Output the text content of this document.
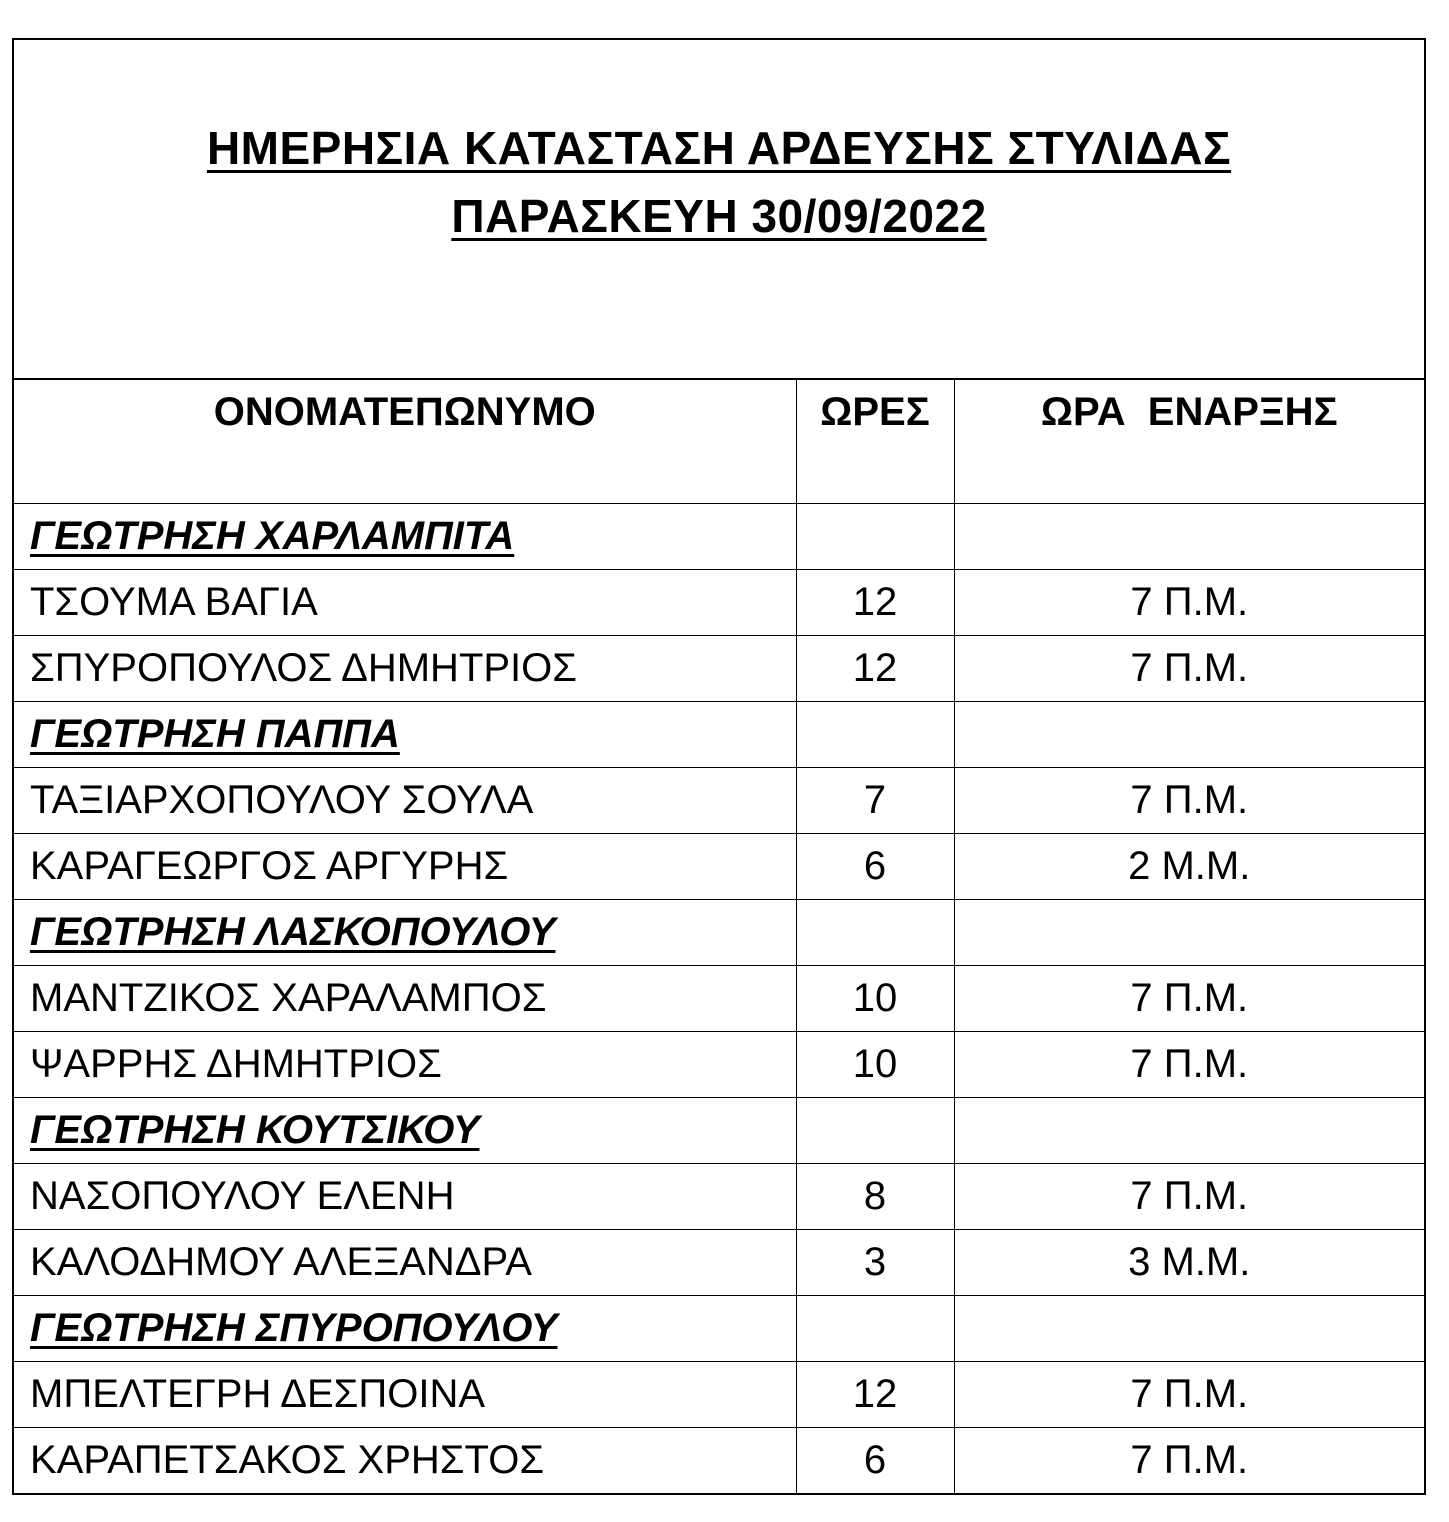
ΗΜΕΡΗΣΙΑ ΚΑΤΑΣΤΑΣΗ ΑΡΔΕΥΣΗΣ ΣΤΥΛΙΔΑΣ
ΠΑΡΑΣΚΕΥΗ 30/09/2022
ΟΝΟΜΑΤΕΠΩΝΥΜΟ	ΩΡΕΣ	ΩΡΑ  ΕΝΑΡΞΗΣ
ΓΕΩΤΡΗΣΗ ΧΑΡΛΑΜΠΙΤΑ		
ΤΣΟΥΜΑ ΒΑΓΙΑ	12	7 Π.Μ.
ΣΠΥΡΟΠΟΥΛΟΣ ΔΗΜΗΤΡΙΟΣ	12	7 Π.Μ.
ΓΕΩΤΡΗΣΗ ΠΑΠΠΑ		
ΤΑΞΙΑΡΧΟΠΟΥΛΟΥ ΣΟΥΛΑ	7	7 Π.Μ.
ΚΑΡΑΓΕΩΡΓΟΣ ΑΡΓΥΡΗΣ	6	2 Μ.Μ.
ΓΕΩΤΡΗΣΗ ΛΑΣΚΟΠΟΥΛΟΥ		
ΜΑΝΤΖΙΚΟΣ ΧΑΡΑΛΑΜΠΟΣ	10	7 Π.Μ.
ΨΑΡΡΗΣ ΔΗΜΗΤΡΙΟΣ	10	7 Π.Μ.
ΓΕΩΤΡΗΣΗ ΚΟΥΤΣΙΚΟΥ		
ΝΑΣΟΠΟΥΛΟΥ ΕΛΕΝΗ	8	7 Π.Μ.
ΚΑΛΟΔΗΜΟΥ ΑΛΕΞΑΝΔΡΑ	3	3 Μ.Μ.
ΓΕΩΤΡΗΣΗ ΣΠΥΡΟΠΟΥΛΟΥ		
ΜΠΕΛΤΕΓΡΗ ΔΕΣΠΟΙΝΑ	12	7 Π.Μ.
ΚΑΡΑΠΕΤΣΑΚΟΣ ΧΡΗΣΤΟΣ	6	7 Π.Μ.
